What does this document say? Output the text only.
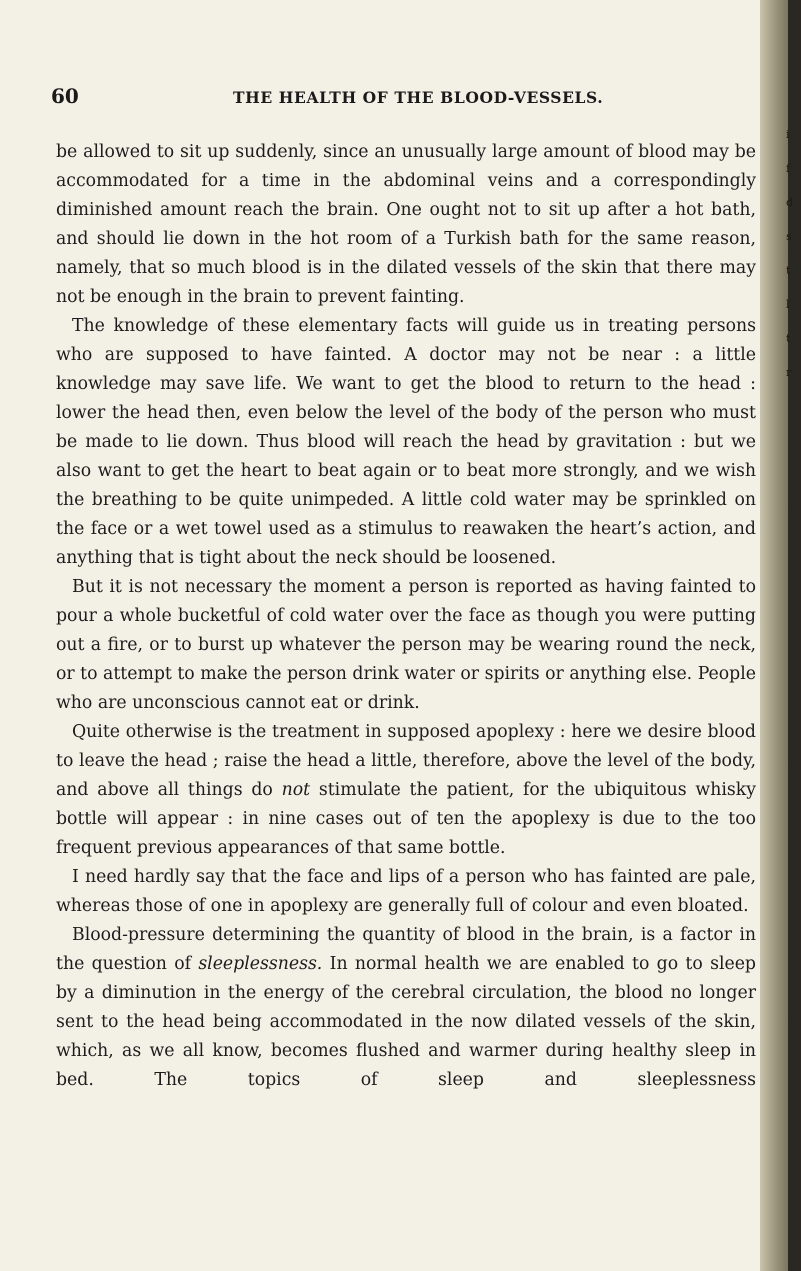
60	THE HEALTH OF THE BLOOD-VESSELS.

be allowed to sit up suddenly, since an unusually large amount of blood may be accommodated for a time in the abdominal veins and a correspondingly diminished amount reach the brain. One ought not to sit up after a hot bath, and should lie down in the hot room of a Turkish bath for the same reason, namely, that so much blood is in the dilated vessels of the skin that there may not be enough in the brain to prevent fainting.

The knowledge of these elementary facts will guide us in treating persons who are supposed to have fainted. A doctor may not be near : a little knowledge may save life. We want to get the blood to return to the head : lower the head then, even below the level of the body of the person who must be made to lie down. Thus blood will reach the head by gravitation : but we also want to get the heart to beat again or to beat more strongly, and we wish the breathing to be quite unimpeded. A little cold water may be sprinkled on the face or a wet towel used as a stimulus to reawaken the heart’s action, and anything that is tight about the neck should be loosened.

But it is not necessary the moment a person is reported as having fainted to pour a whole bucketful of cold water over the face as though you were putting out a fire, or to burst up whatever the person may be wearing round the neck, or to attempt to make the person drink water or spirits or anything else. People who are unconscious cannot eat or drink.

Quite otherwise is the treatment in supposed apoplexy : here we desire blood to leave the head ; raise the head a little, therefore, above the level of the body, and above all things do not stimulate the patient, for the ubiquitous whisky bottle will appear : in nine cases out of ten the apoplexy is due to the too frequent previous appearances of that same bottle.

I need hardly say that the face and lips of a person who has fainted are pale, whereas those of one in apoplexy are generally full of colour and even bloated.

Blood-pressure determining the quantity of blood in the brain, is a factor in the question of sleeplessness. In normal health we are enabled to go to sleep by a diminution in the energy of the cerebral circulation, the blood no longer sent to the head being accommodated in the now dilated vessels of the skin, which, as we all know, becomes flushed and warmer during healthy sleep in bed. The topics of sleep and sleeplessness

i
f
d
s
t
l
t
r
